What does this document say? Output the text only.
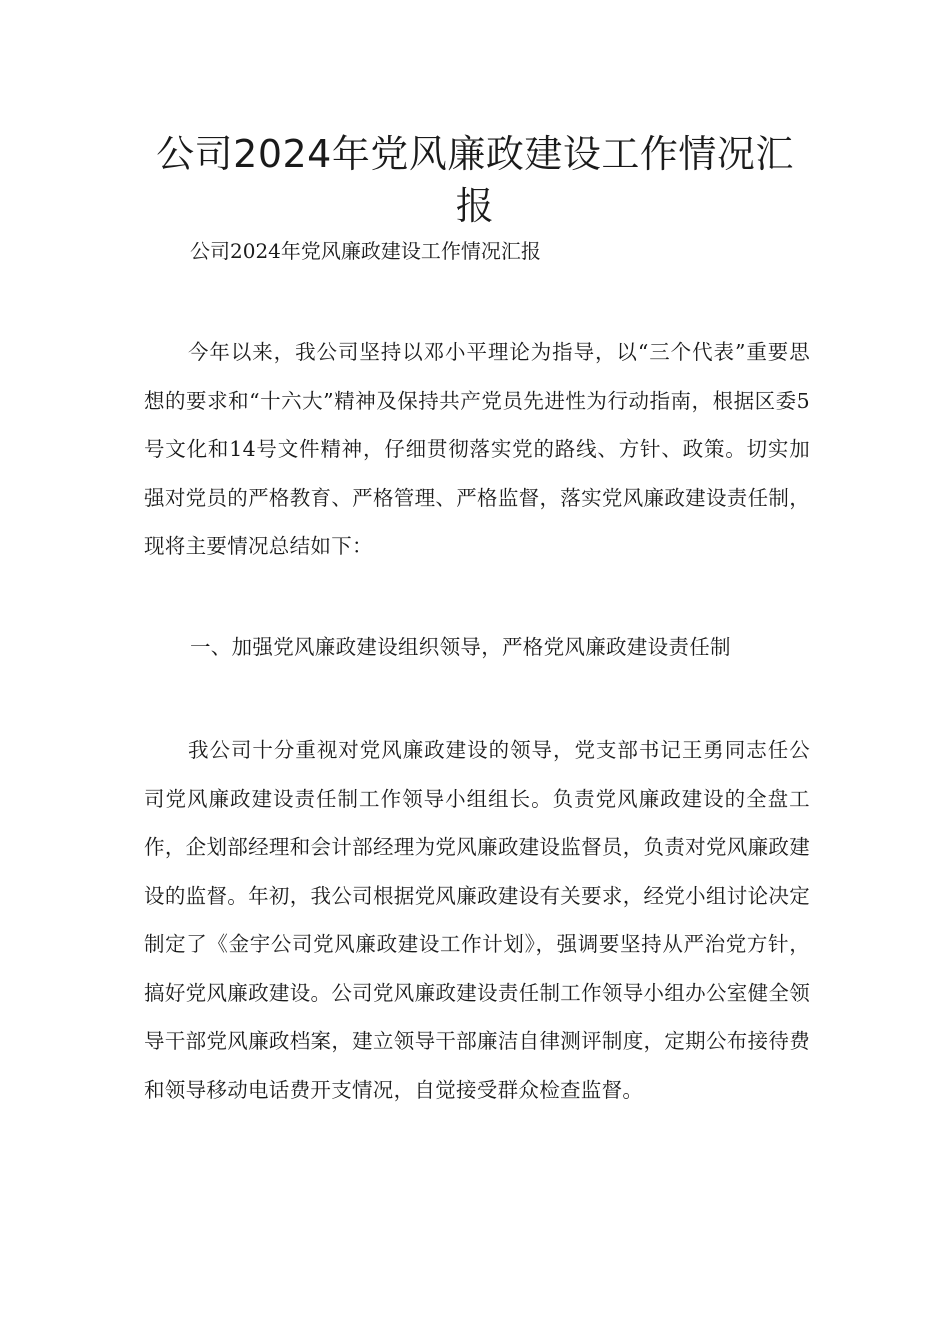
公司2024年党风廉政建设工作情况汇报

公司2024年党风廉政建设工作情况汇报

今年以来，我公司坚持以邓小平理论为指导，以“三个代表”重要思想的要求和“十六大”精神及保持共产党员先进性为行动指南，根据区委5号文化和14号文件精神，仔细贯彻落实党的路线、方针、政策。切实加强对党员的严格教育、严格管理、严格监督，落实党风廉政建设责任制，现将主要情况总结如下：

一、加强党风廉政建设组织领导，严格党风廉政建设责任制

我公司十分重视对党风廉政建设的领导，党支部书记王勇同志任公司党风廉政建设责任制工作领导小组组长。负责党风廉政建设的全盘工作，企划部经理和会计部经理为党风廉政建设监督员，负责对党风廉政建设的监督。年初，我公司根据党风廉政建设有关要求，经党小组讨论决定制定了《金宇公司党风廉政建设工作计划》，强调要坚持从严治党方针，搞好党风廉政建设。公司党风廉政建设责任制工作领导小组办公室健全领导干部党风廉政档案，建立领导干部廉洁自律测评制度，定期公布接待费和领导移动电话费开支情况，自觉接受群众检查监督。
